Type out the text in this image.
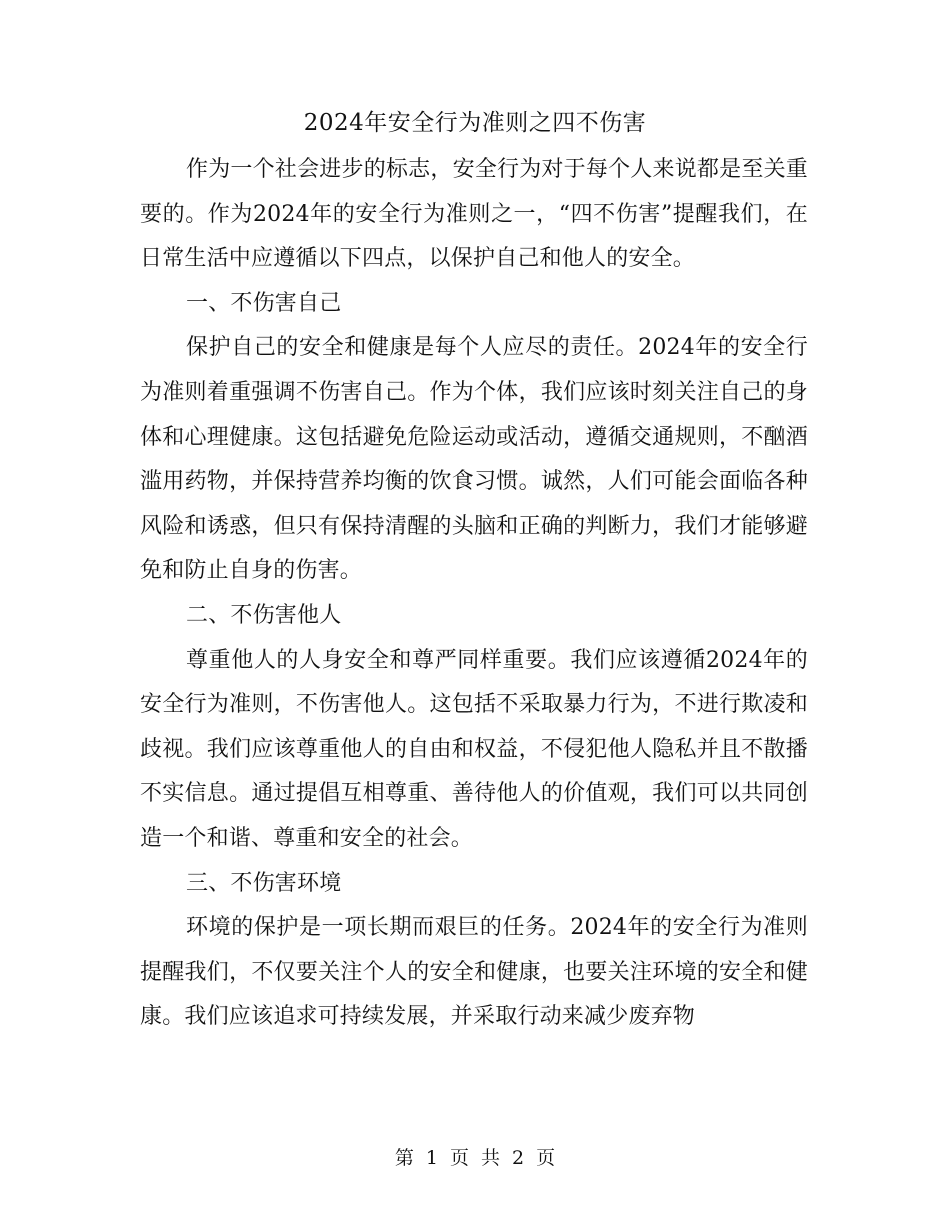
2024年安全行为准则之四不伤害

作为一个社会进步的标志，安全行为对于每个人来说都是至关重要的。作为2024年的安全行为准则之一，“四不伤害”提醒我们，在日常生活中应遵循以下四点，以保护自己和他人的安全。

一、不伤害自己

保护自己的安全和健康是每个人应尽的责任。2024年的安全行为准则着重强调不伤害自己。作为个体，我们应该时刻关注自己的身体和心理健康。这包括避免危险运动或活动，遵循交通规则，不酗酒滥用药物，并保持营养均衡的饮食习惯。诚然，人们可能会面临各种风险和诱惑，但只有保持清醒的头脑和正确的判断力，我们才能够避免和防止自身的伤害。

二、不伤害他人

尊重他人的人身安全和尊严同样重要。我们应该遵循2024年的安全行为准则，不伤害他人。这包括不采取暴力行为，不进行欺凌和歧视。我们应该尊重他人的自由和权益，不侵犯他人隐私并且不散播不实信息。通过提倡互相尊重、善待他人的价值观，我们可以共同创造一个和谐、尊重和安全的社会。

三、不伤害环境

环境的保护是一项长期而艰巨的任务。2024年的安全行为准则提醒我们，不仅要关注个人的安全和健康，也要关注环境的安全和健康。我们应该追求可持续发展，并采取行动来减少废弃物

第 1 页 共 2 页
